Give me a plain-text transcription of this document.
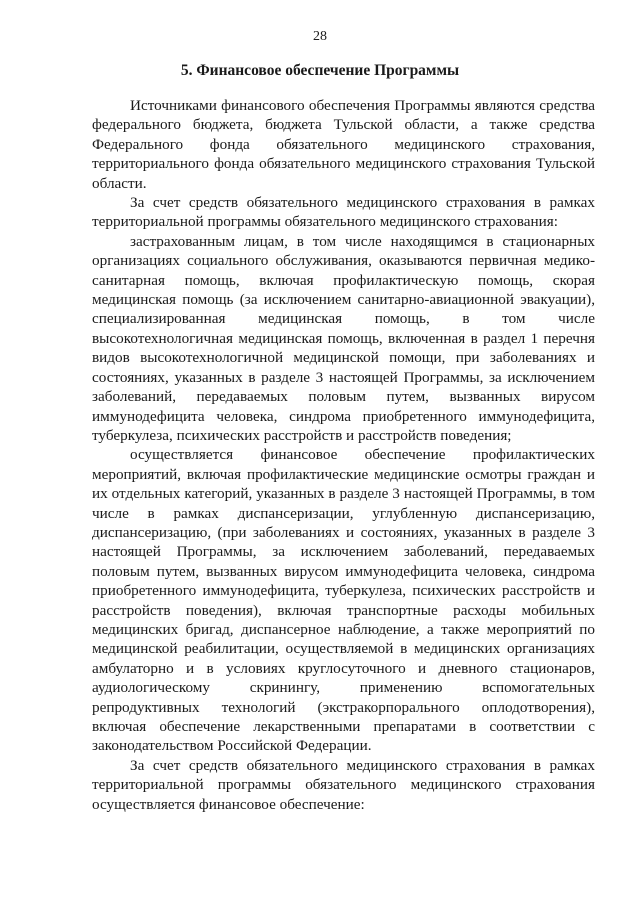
28
5. Финансовое обеспечение Программы

Источниками финансового обеспечения Программы являются средства федерального бюджета, бюджета Тульской области, а также средства Федерального фонда обязательного медицинского страхования, территориального фонда обязательного медицинского страхования Тульской области.

За счет средств обязательного медицинского страхования в рамках территориальной программы обязательного медицинского страхования:

застрахованным лицам, в том числе находящимся в стационарных организациях социального обслуживания, оказываются первичная медико-санитарная помощь, включая профилактическую помощь, скорая медицинская помощь (за исключением санитарно-авиационной эвакуации), специализированная медицинская помощь, в том числе высокотехнологичная медицинская помощь, включенная в раздел 1 перечня видов высокотехнологичной медицинской помощи, при заболеваниях и состояниях, указанных в разделе 3 настоящей Программы, за исключением заболеваний, передаваемых половым путем, вызванных вирусом иммунодефицита человека, синдрома приобретенного иммунодефицита, туберкулеза, психических расстройств и расстройств поведения;

осуществляется финансовое обеспечение профилактических мероприятий, включая профилактические медицинские осмотры граждан и их отдельных категорий, указанных в разделе 3 настоящей Программы, в том числе в рамках диспансеризации, углубленную диспансеризацию, диспансеризацию, (при заболеваниях и состояниях, указанных в разделе 3 настоящей Программы, за исключением заболеваний, передаваемых половым путем, вызванных вирусом иммунодефицита человека, синдрома приобретенного иммунодефицита, туберкулеза, психических расстройств и расстройств поведения), включая транспортные расходы мобильных медицинских бригад, диспансерное наблюдение, а также мероприятий по медицинской реабилитации, осуществляемой в медицинских организациях амбулаторно и в условиях круглосуточного и дневного стационаров, аудиологическому скринингу, применению вспомогательных репродуктивных технологий (экстракорпорального оплодотворения), включая обеспечение лекарственными препаратами в соответствии с законодательством Российской Федерации.

За счет средств обязательного медицинского страхования в рамках территориальной программы обязательного медицинского страхования осуществляется финансовое обеспечение:
